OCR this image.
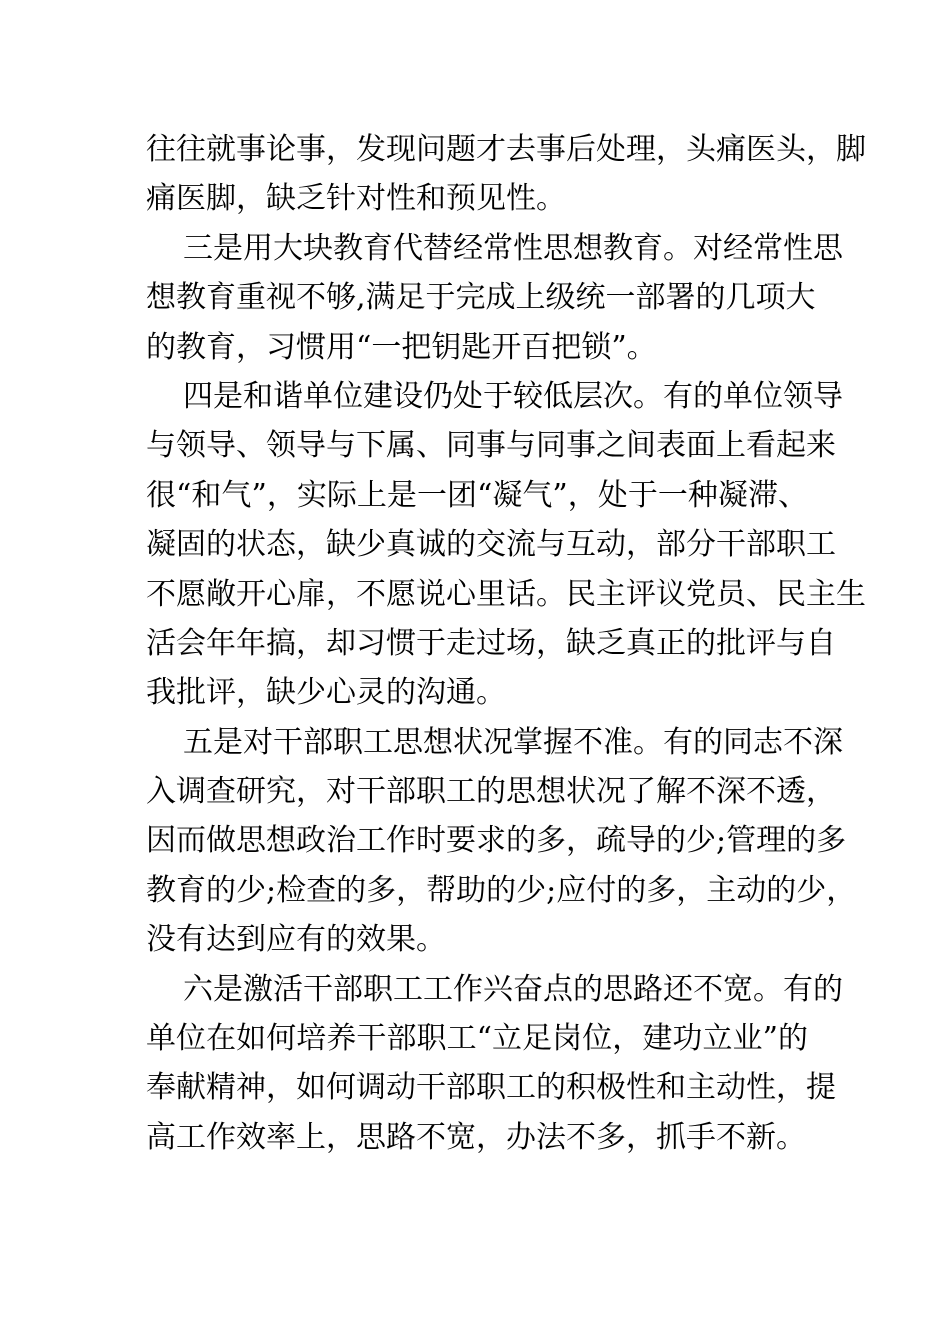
往往就事论事，发现问题才去事后处理，头痛医头，脚
痛医脚，缺乏针对性和预见性。
三是用大块教育代替经常性思想教育。对经常性思
想教育重视不够,满足于完成上级统一部署的几项大
的教育，习惯用“一把钥匙开百把锁”。
四是和谐单位建设仍处于较低层次。有的单位领导
与领导、领导与下属、同事与同事之间表面上看起来
很“和气”，实际上是一团“凝气”，处于一种凝滞、
凝固的状态，缺少真诚的交流与互动，部分干部职工
不愿敞开心扉，不愿说心里话。民主评议党员、民主生
活会年年搞，却习惯于走过场，缺乏真正的批评与自
我批评，缺少心灵的沟通。
五是对干部职工思想状况掌握不准。有的同志不深
入调查研究，对干部职工的思想状况了解不深不透，
因而做思想政治工作时要求的多，疏导的少;管理的多
教育的少;检查的多，帮助的少;应付的多，主动的少，
没有达到应有的效果。
六是激活干部职工工作兴奋点的思路还不宽。有的
单位在如何培养干部职工“立足岗位，建功立业”的
奉献精神，如何调动干部职工的积极性和主动性，提
高工作效率上，思路不宽，办法不多，抓手不新。
